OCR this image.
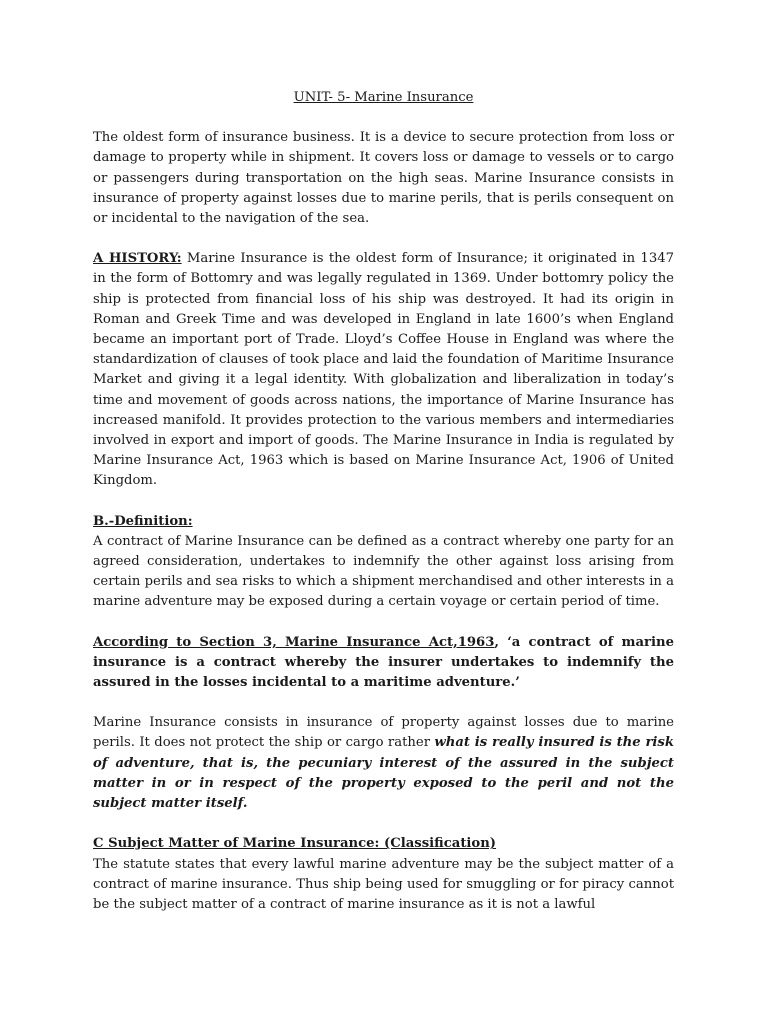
UNIT- 5- Marine Insurance

The oldest form of insurance business. It is a device to secure protection from loss or damage to property while in shipment. It covers loss or damage to vessels or to cargo or passengers during transportation on the high seas. Marine Insurance consists in insurance of property against losses due to marine perils, that is perils consequent on or incidental to the navigation of the sea.

A HISTORY: Marine Insurance is the oldest form of Insurance; it originated in 1347 in the form of Bottomry and was legally regulated in 1369. Under bottomry policy the ship is protected from financial loss of his ship was destroyed. It had its origin in Roman and Greek Time and was developed in England in late 1600’s when England became an important port of Trade. Lloyd’s Coffee House in England was where the standardization of clauses of took place and laid the foundation of Maritime Insurance Market and giving it a legal identity. With globalization and liberalization in today’s time and movement of goods across nations, the importance of Marine Insurance has increased manifold. It provides protection to the various members and intermediaries involved in export and import of goods. The Marine Insurance in India is regulated by Marine Insurance Act, 1963 which is based on Marine Insurance Act, 1906 of United Kingdom.

B.-Definition:

A contract of Marine Insurance can be defined as a contract whereby one party for an agreed consideration, undertakes to indemnify the other against loss arising from certain perils and sea risks to which a shipment merchandised and other interests in a marine adventure may be exposed during a certain voyage or certain period of time.

According to Section 3, Marine Insurance Act,1963, ‘a contract of marine insurance is a contract whereby the insurer undertakes to indemnify the assured in the losses incidental to a maritime adventure.’

Marine Insurance consists in insurance of property against losses due to marine perils. It does not protect the ship or cargo rather what is really insured is the risk of adventure, that is, the pecuniary interest of the assured in the subject matter in or in respect of the property exposed to the peril and not the subject matter itself.

C Subject Matter of Marine Insurance: (Classification)

The statute states that every lawful marine adventure may be the subject matter of a contract of marine insurance. Thus ship being used for smuggling or for piracy cannot be the subject matter of a contract of marine insurance as it is not a lawful
